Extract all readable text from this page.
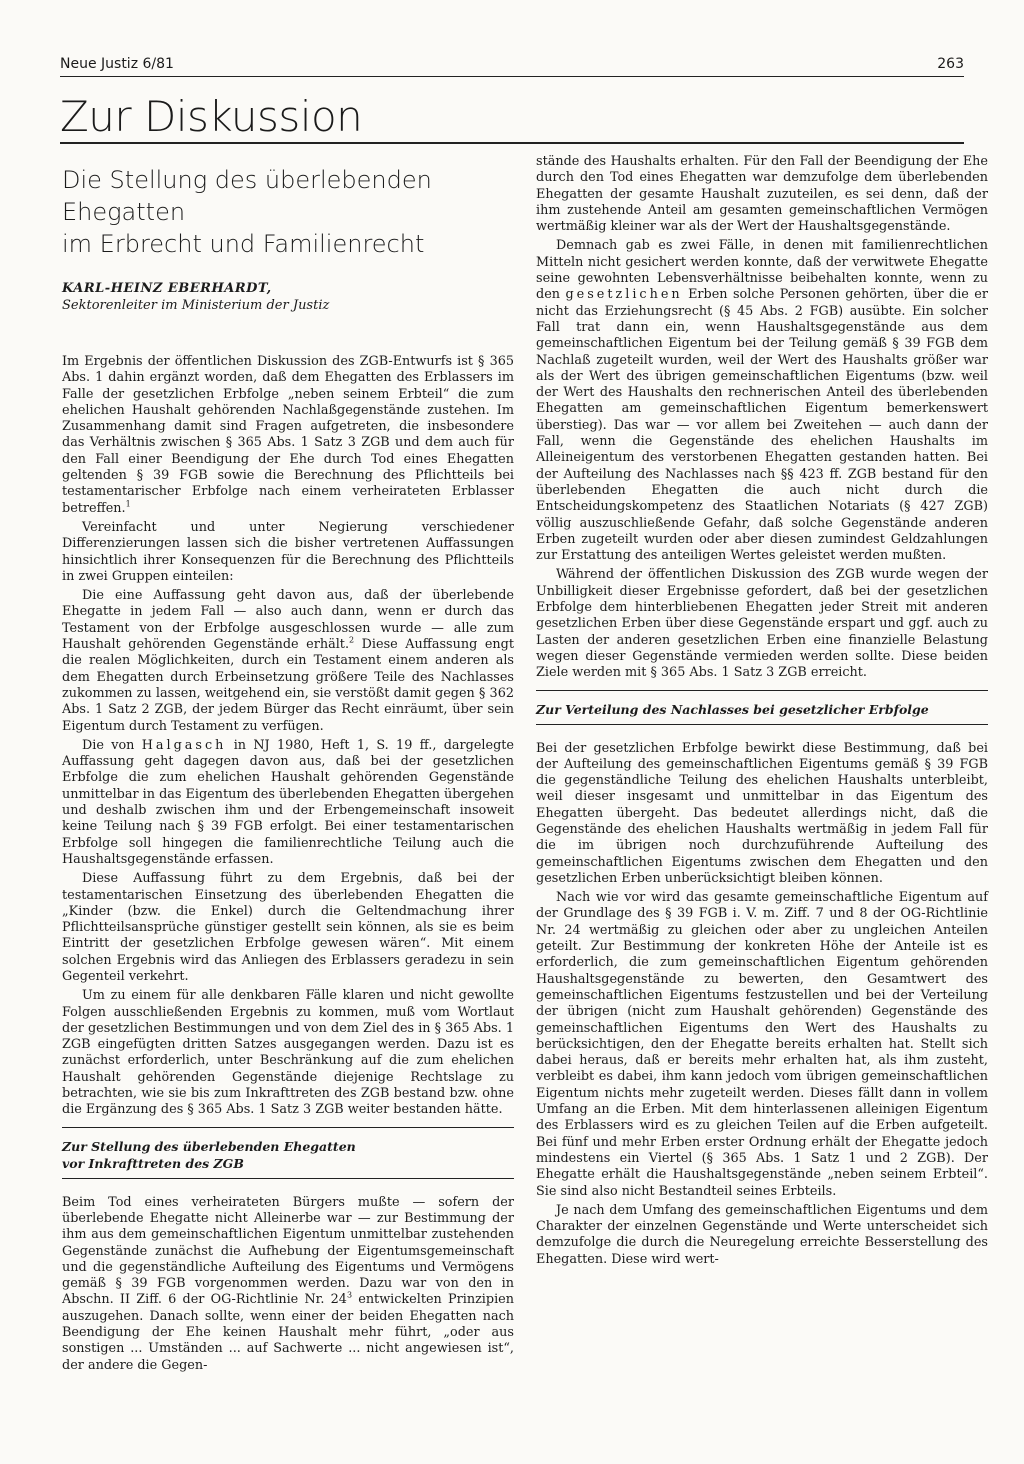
Neue Justiz 6/81	263
Zur Diskussion
Die Stellung des überlebenden Ehegatten
im Erbrecht und Familienrecht
KARL-HEINZ EBERHARDT,
Sektorenleiter im Ministerium der Justiz

Im Ergebnis der öffentlichen Diskussion des ZGB-Entwurfs ist § 365 Abs. 1 dahin ergänzt worden, daß dem Ehegatten des Erblassers im Falle der gesetzlichen Erbfolge „neben seinem Erbteil“ die zum ehelichen Haushalt gehörenden Nachlaßgegenstände zustehen. Im Zusammenhang damit sind Fragen aufgetreten, die insbesondere das Verhältnis zwischen § 365 Abs. 1 Satz 3 ZGB und dem auch für den Fall einer Beendigung der Ehe durch Tod eines Ehegatten geltenden § 39 FGB sowie die Berechnung des Pflichtteils bei testamentarischer Erbfolge nach einem verheirateten Erblasser betreffen.$^1$

Vereinfacht und unter Negierung verschiedener Differenzierungen lassen sich die bisher vertretenen Auffassungen hinsichtlich ihrer Konsequenzen für die Berechnung des Pflichtteils in zwei Gruppen einteilen:

Die eine Auffassung geht davon aus, daß der überlebende Ehegatte in jedem Fall — also auch dann, wenn er durch das Testament von der Erbfolge ausgeschlossen wurde — alle zum Haushalt gehörenden Gegenstände erhält.$^2$ Diese Auffassung engt die realen Möglichkeiten, durch ein Testament einem anderen als dem Ehegatten durch Erbeinsetzung größere Teile des Nachlasses zukommen zu lassen, weitgehend ein, sie verstößt damit gegen § 362 Abs. 1 Satz 2 ZGB, der jedem Bürger das Recht einräumt, über sein Eigentum durch Testament zu verfügen.

Die von Halgasch in NJ 1980, Heft 1, S. 19 ff., dargelegte Auffassung geht dagegen davon aus, daß bei der gesetzlichen Erbfolge die zum ehelichen Haushalt gehörenden Gegenstände unmittelbar in das Eigentum des überlebenden Ehegatten übergehen und deshalb zwischen ihm und der Erbengemeinschaft insoweit keine Teilung nach § 39 FGB erfolgt. Bei einer testamentarischen Erbfolge soll hingegen die familienrechtliche Teilung auch die Haushaltsgegenstände erfassen.

Diese Auffassung führt zu dem Ergebnis, daß bei der testamentarischen Einsetzung des überlebenden Ehegatten die „Kinder (bzw. die Enkel) durch die Geltendmachung ihrer Pflichtteilsansprüche günstiger gestellt sein können, als sie es beim Eintritt der gesetzlichen Erbfolge gewesen wären“. Mit einem solchen Ergebnis wird das Anliegen des Erblassers geradezu in sein Gegenteil verkehrt.

Um zu einem für alle denkbaren Fälle klaren und nicht gewollte Folgen ausschließenden Ergebnis zu kommen, muß vom Wortlaut der gesetzlichen Bestimmungen und von dem Ziel des in § 365 Abs. 1 ZGB eingefügten dritten Satzes ausgegangen werden. Dazu ist es zunächst erforderlich, unter Beschränkung auf die zum ehelichen Haushalt gehörenden Gegenstände diejenige Rechtslage zu betrachten, wie sie bis zum Inkrafttreten des ZGB bestand bzw. ohne die Ergänzung des § 365 Abs. 1 Satz 3 ZGB weiter bestanden hätte.

Zur Stellung des überlebenden Ehegatten
vor Inkrafttreten des ZGB

Beim Tod eines verheirateten Bürgers mußte — sofern der überlebende Ehegatte nicht Alleinerbe war — zur Bestimmung der ihm aus dem gemeinschaftlichen Eigentum unmittelbar zustehenden Gegenstände zunächst die Aufhebung der Eigentumsgemeinschaft und die gegenständliche Aufteilung des Eigentums und Vermögens gemäß § 39 FGB vorgenommen werden. Dazu war von den in Abschn. II Ziff. 6 der OG-Richtlinie Nr. $24^3$ entwickelten Prinzipien auszugehen. Danach sollte, wenn einer der beiden Ehegatten nach Beendigung der Ehe keinen Haushalt mehr führt, „oder aus sonstigen ... Umständen ... auf Sachwerte ... nicht angewiesen ist“, der andere die Gegen-

stände des Haushalts erhalten. Für den Fall der Beendigung der Ehe durch den Tod eines Ehegatten war demzufolge dem überlebenden Ehegatten der gesamte Haushalt zuzuteilen, es sei denn, daß der ihm zustehende Anteil am gesamten gemeinschaftlichen Vermögen wertmäßig kleiner war als der Wert der Haushaltsgegenstände.

Demnach gab es zwei Fälle, in denen mit familienrechtlichen Mitteln nicht gesichert werden konnte, daß der verwitwete Ehegatte seine gewohnten Lebensverhältnisse beibehalten konnte, wenn zu den gesetzlichen Erben solche Personen gehörten, über die er nicht das Erziehungsrecht (§ 45 Abs. 2 FGB) ausübte. Ein solcher Fall trat dann ein, wenn Haushaltsgegenstände aus dem gemeinschaftlichen Eigentum bei der Teilung gemäß § 39 FGB dem Nachlaß zugeteilt wurden, weil der Wert des Haushalts größer war als der Wert des übrigen gemeinschaftlichen Eigentums (bzw. weil der Wert des Haushalts den rechnerischen Anteil des überlebenden Ehegatten am gemeinschaftlichen Eigentum bemerkenswert überstieg). Das war — vor allem bei Zweitehen — auch dann der Fall, wenn die Gegenstände des ehelichen Haushalts im Alleineigentum des verstorbenen Ehegatten gestanden hatten. Bei der Aufteilung des Nachlasses nach §§ 423 ff. ZGB bestand für den überlebenden Ehegatten die auch nicht durch die Entscheidungskompetenz des Staatlichen Notariats (§ 427 ZGB) völlig auszuschließende Gefahr, daß solche Gegenstände anderen Erben zugeteilt wurden oder aber diesen zumindest Geldzahlungen zur Erstattung des anteiligen Wertes geleistet werden mußten.

Während der öffentlichen Diskussion des ZGB wurde wegen der Unbilligkeit dieser Ergebnisse gefordert, daß bei der gesetzlichen Erbfolge dem hinterbliebenen Ehegatten jeder Streit mit anderen gesetzlichen Erben über diese Gegenstände erspart und ggf. auch zu Lasten der anderen gesetzlichen Erben eine finanzielle Belastung wegen dieser Gegenstände vermieden werden sollte. Diese beiden Ziele werden mit § 365 Abs. 1 Satz 3 ZGB erreicht.

Zur Verteilung des Nachlasses bei gesetzlicher Erbfolge

Bei der gesetzlichen Erbfolge bewirkt diese Bestimmung, daß bei der Aufteilung des gemeinschaftlichen Eigentums gemäß § 39 FGB die gegenständliche Teilung des ehelichen Haushalts unterbleibt, weil dieser insgesamt und unmittelbar in das Eigentum des Ehegatten übergeht. Das bedeutet allerdings nicht, daß die Gegenstände des ehelichen Haushalts wertmäßig in jedem Fall für die im übrigen noch durchzuführende Aufteilung des gemeinschaftlichen Eigentums zwischen dem Ehegatten und den gesetzlichen Erben unberücksichtigt bleiben können.

Nach wie vor wird das gesamte gemeinschaftliche Eigentum auf der Grundlage des § 39 FGB i. V. m. Ziff. 7 und 8 der OG-Richtlinie Nr. 24 wertmäßig zu gleichen oder aber zu ungleichen Anteilen geteilt. Zur Bestimmung der konkreten Höhe der Anteile ist es erforderlich, die zum gemeinschaftlichen Eigentum gehörenden Haushaltsgegenstände zu bewerten, den Gesamtwert des gemeinschaftlichen Eigentums festzustellen und bei der Verteilung der übrigen (nicht zum Haushalt gehörenden) Gegenstände des gemeinschaftlichen Eigentums den Wert des Haushalts zu berücksichtigen, den der Ehegatte bereits erhalten hat. Stellt sich dabei heraus, daß er bereits mehr erhalten hat, als ihm zusteht, verbleibt es dabei, ihm kann jedoch vom übrigen gemeinschaftlichen Eigentum nichts mehr zugeteilt werden. Dieses fällt dann in vollem Umfang an die Erben. Mit dem hinterlassenen alleinigen Eigentum des Erblassers wird es zu gleichen Teilen auf die Erben aufgeteilt. Bei fünf und mehr Erben erster Ordnung erhält der Ehegatte jedoch mindestens ein Viertel (§ 365 Abs. 1 Satz 1 und 2 ZGB). Der Ehegatte erhält die Haushaltsgegenstände „neben seinem Erbteil“. Sie sind also nicht Bestandteil seines Erbteils.

Je nach dem Umfang des gemeinschaftlichen Eigentums und dem Charakter der einzelnen Gegenstände und Werte unterscheidet sich demzufolge die durch die Neuregelung erreichte Besserstellung des Ehegatten. Diese wird wert-
